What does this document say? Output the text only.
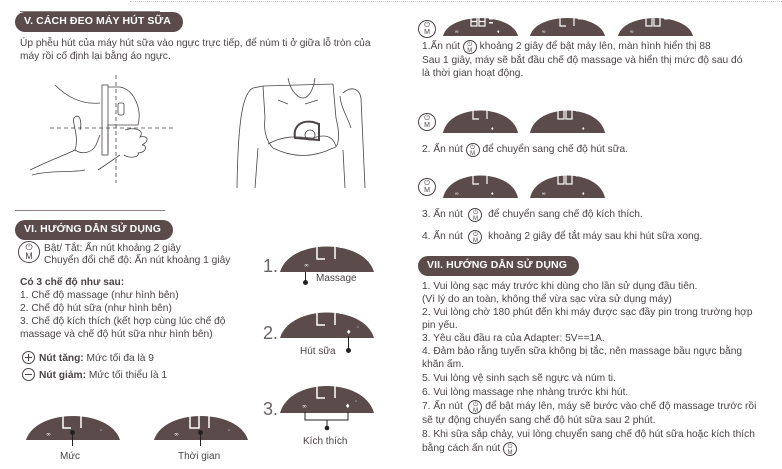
V. CÁCH ĐEO MÁY HÚT SỮA
Úp phễu hút của máy hút sữa vào ngực trực tiếp, để núm ti ở giữa lỗ tròn của
máy rồi cố định lại bằng áo ngực.
VI. HƯỚNG DẪN SỬ DỤNG
⏻
M
Bật/ Tắt: Ấn nút khoảng 2 giây
Chuyển đổi chế độ: Ấn nút khoảng 1 giây
Có 3 chế độ như sau:
1. Chế độ massage (như hình bên)
2. Chế độ hút sữa (như hình bên)
3. Chế độ kích thích (kết hợp cùng lúc chế độ
massage và chế độ hút sữa như hình bên)
Nút tăng: Mức tối đa là 9
Nút giảm: Mức tối thiểu là 1
∞
Mức
∞
Thời gian
1.	∞
Massage
2.	♦
Hút sữa
3.	∞	♦
Kích thích
⏻
M	∞	♦	∞	∞
1.Ấn nút	⏻
M khoảng 2 giây để bật máy lên, màn hình hiển thị 88
Sau 1 giây, máy sẽ bắt đầu chế độ massage và hiển thị mức độ sau đó
là thời gian hoạt động.
⏻
M	♦	♦
2. Ấn nút	⏻
M để chuyển sang chế độ hút sữa.
⏻
M	∞	♦	∞	♦
3. Ấn nút	⏻
M để chuyển sang chế độ kích thích.
4. Ấn nút	⏻
M khoảng 2 giây để tắt máy sau khi hút sữa xong.
VII. HƯỚNG DẪN SỬ DỤNG
1. Vui lòng sạc máy trước khi dùng cho lần sử dụng đầu tiên.
(Vì lý do an toàn, không thể vừa sạc vừa sử dụng máy)
2. Vui lòng chờ 180 phút đến khi máy được sạc đầy pin trong trường hợp
pin yếu.
3. Yêu cầu đầu ra của Adapter: 5V==1A.
4. Đảm bảo rằng tuyến sữa không bị tắc, nên massage bầu ngực bằng
khăn ấm.
5. Vui lòng vệ sinh sạch sẽ ngực và núm ti.
6. Vui lòng massage nhẹ nhàng trước khi hút.
7. Ấn nút	⏻
M để bật máy lên, máy sẽ bước vào chế độ massage trước rồi
sẽ tự động chuyển sang chế độ hút sữa sau 2 phút.
8. Khi sữa sắp chảy, vui lòng chuyển sang chế độ hút sữa hoặc kích thích
bằng cách ấn nút	⏻
M
